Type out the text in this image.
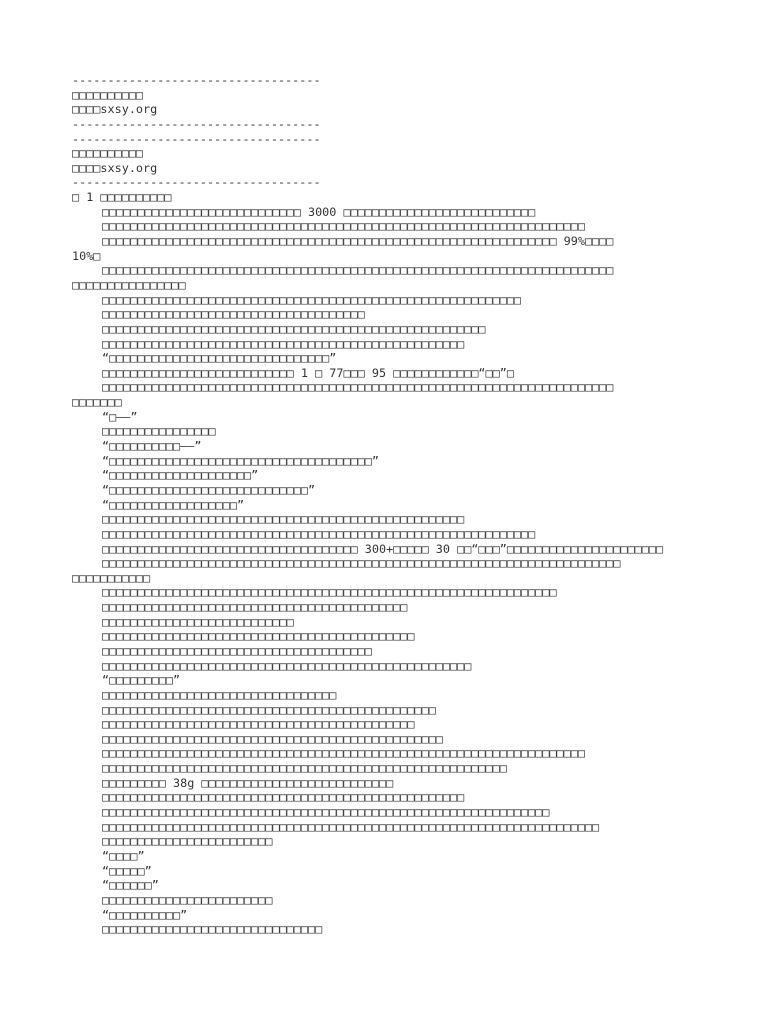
-----------------------------------
□□□□□□□□□□
□□□□sxsy.org
-----------------------------------
-----------------------------------
□□□□□□□□□□
□□□□sxsy.org
-----------------------------------
□ 1 □□□□□□□□□□
□□□□□□□□□□□□□□□□□□□□□□□□□□□□ 3000 □□□□□□□□□□□□□□□□□□□□□□□□□□□
□□□□□□□□□□□□□□□□□□□□□□□□□□□□□□□□□□□□□□□□□□□□□□□□□□□□□□□□□□□□□□□□□□□□
□□□□□□□□□□□□□□□□□□□□□□□□□□□□□□□□□□□□□□□□□□□□□□□□□□□□□□□□□□□□□□□□ 99%□□□□
10%□
□□□□□□□□□□□□□□□□□□□□□□□□□□□□□□□□□□□□□□□□□□□□□□□□□□□□□□□□□□□□□□□□□□□□□□□□
□□□□□□□□□□□□□□□□
□□□□□□□□□□□□□□□□□□□□□□□□□□□□□□□□□□□□□□□□□□□□□□□□□□□□□□□□□□□
□□□□□□□□□□□□□□□□□□□□□□□□□□□□□□□□□□□□□
□□□□□□□□□□□□□□□□□□□□□□□□□□□□□□□□□□□□□□□□□□□□□□□□□□□□□□
□□□□□□□□□□□□□□□□□□□□□□□□□□□□□□□□□□□□□□□□□□□□□□□□□□□
“□□□□□□□□□□□□□□□□□□□□□□□□□□□□□□□”
□□□□□□□□□□□□□□□□□□□□□□□□□□□ 1 □ 77□□□ 95 □□□□□□□□□□□□“□□”□
□□□□□□□□□□□□□□□□□□□□□□□□□□□□□□□□□□□□□□□□□□□□□□□□□□□□□□□□□□□□□□□□□□□□□□□□
□□□□□□□
“□——”
□□□□□□□□□□□□□□□□
“□□□□□□□□□□——”
“□□□□□□□□□□□□□□□□□□□□□□□□□□□□□□□□□□□□□”
“□□□□□□□□□□□□□□□□□□□□”
“□□□□□□□□□□□□□□□□□□□□□□□□□□□□”
“□□□□□□□□□□□□□□□□□□”
□□□□□□□□□□□□□□□□□□□□□□□□□□□□□□□□□□□□□□□□□□□□□□□□□□□
□□□□□□□□□□□□□□□□□□□□□□□□□□□□□□□□□□□□□□□□□□□□□□□□□□□□□□□□□□□□□
□□□□□□□□□□□□□□□□□□□□□□□□□□□□□□□□□□□□ 300+□□□□□ 30 □□“□□□”□□□□□□□□□□□□□□□□□□□□□□
□□□□□□□□□□□□□□□□□□□□□□□□□□□□□□□□□□□□□□□□□□□□□□□□□□□□□□□□□□□□□□□□□□□□□□□□□
□□□□□□□□□□□
□□□□□□□□□□□□□□□□□□□□□□□□□□□□□□□□□□□□□□□□□□□□□□□□□□□□□□□□□□□□□□□□
□□□□□□□□□□□□□□□□□□□□□□□□□□□□□□□□□□□□□□□□□□□
□□□□□□□□□□□□□□□□□□□□□□□□□□□
□□□□□□□□□□□□□□□□□□□□□□□□□□□□□□□□□□□□□□□□□□□□
□□□□□□□□□□□□□□□□□□□□□□□□□□□□□□□□□□□□□□
□□□□□□□□□□□□□□□□□□□□□□□□□□□□□□□□□□□□□□□□□□□□□□□□□□□□
“□□□□□□□□□”
□□□□□□□□□□□□□□□□□□□□□□□□□□□□□□□□□
□□□□□□□□□□□□□□□□□□□□□□□□□□□□□□□□□□□□□□□□□□□□□□□
□□□□□□□□□□□□□□□□□□□□□□□□□□□□□□□□□□□□□□□□□□□□
□□□□□□□□□□□□□□□□□□□□□□□□□□□□□□□□□□□□□□□□□□□□□□□□
□□□□□□□□□□□□□□□□□□□□□□□□□□□□□□□□□□□□□□□□□□□□□□□□□□□□□□□□□□□□□□□□□□□□
□□□□□□□□□□□□□□□□□□□□□□□□□□□□□□□□□□□□□□□□□□□□□□□□□□□□□□□□□
□□□□□□□□□ 38g □□□□□□□□□□□□□□□□□□□□□□□□□□□
□□□□□□□□□□□□□□□□□□□□□□□□□□□□□□□□□□□□□□□□□□□□□□□□□□□
□□□□□□□□□□□□□□□□□□□□□□□□□□□□□□□□□□□□□□□□□□□□□□□□□□□□□□□□□□□□□□□
□□□□□□□□□□□□□□□□□□□□□□□□□□□□□□□□□□□□□□□□□□□□□□□□□□□□□□□□□□□□□□□□□□□□□□
□□□□□□□□□□□□□□□□□□□□□□□□
“□□□□”
“□□□□□”
“□□□□□□”
□□□□□□□□□□□□□□□□□□□□□□□□
“□□□□□□□□□□”
□□□□□□□□□□□□□□□□□□□□□□□□□□□□□□□
